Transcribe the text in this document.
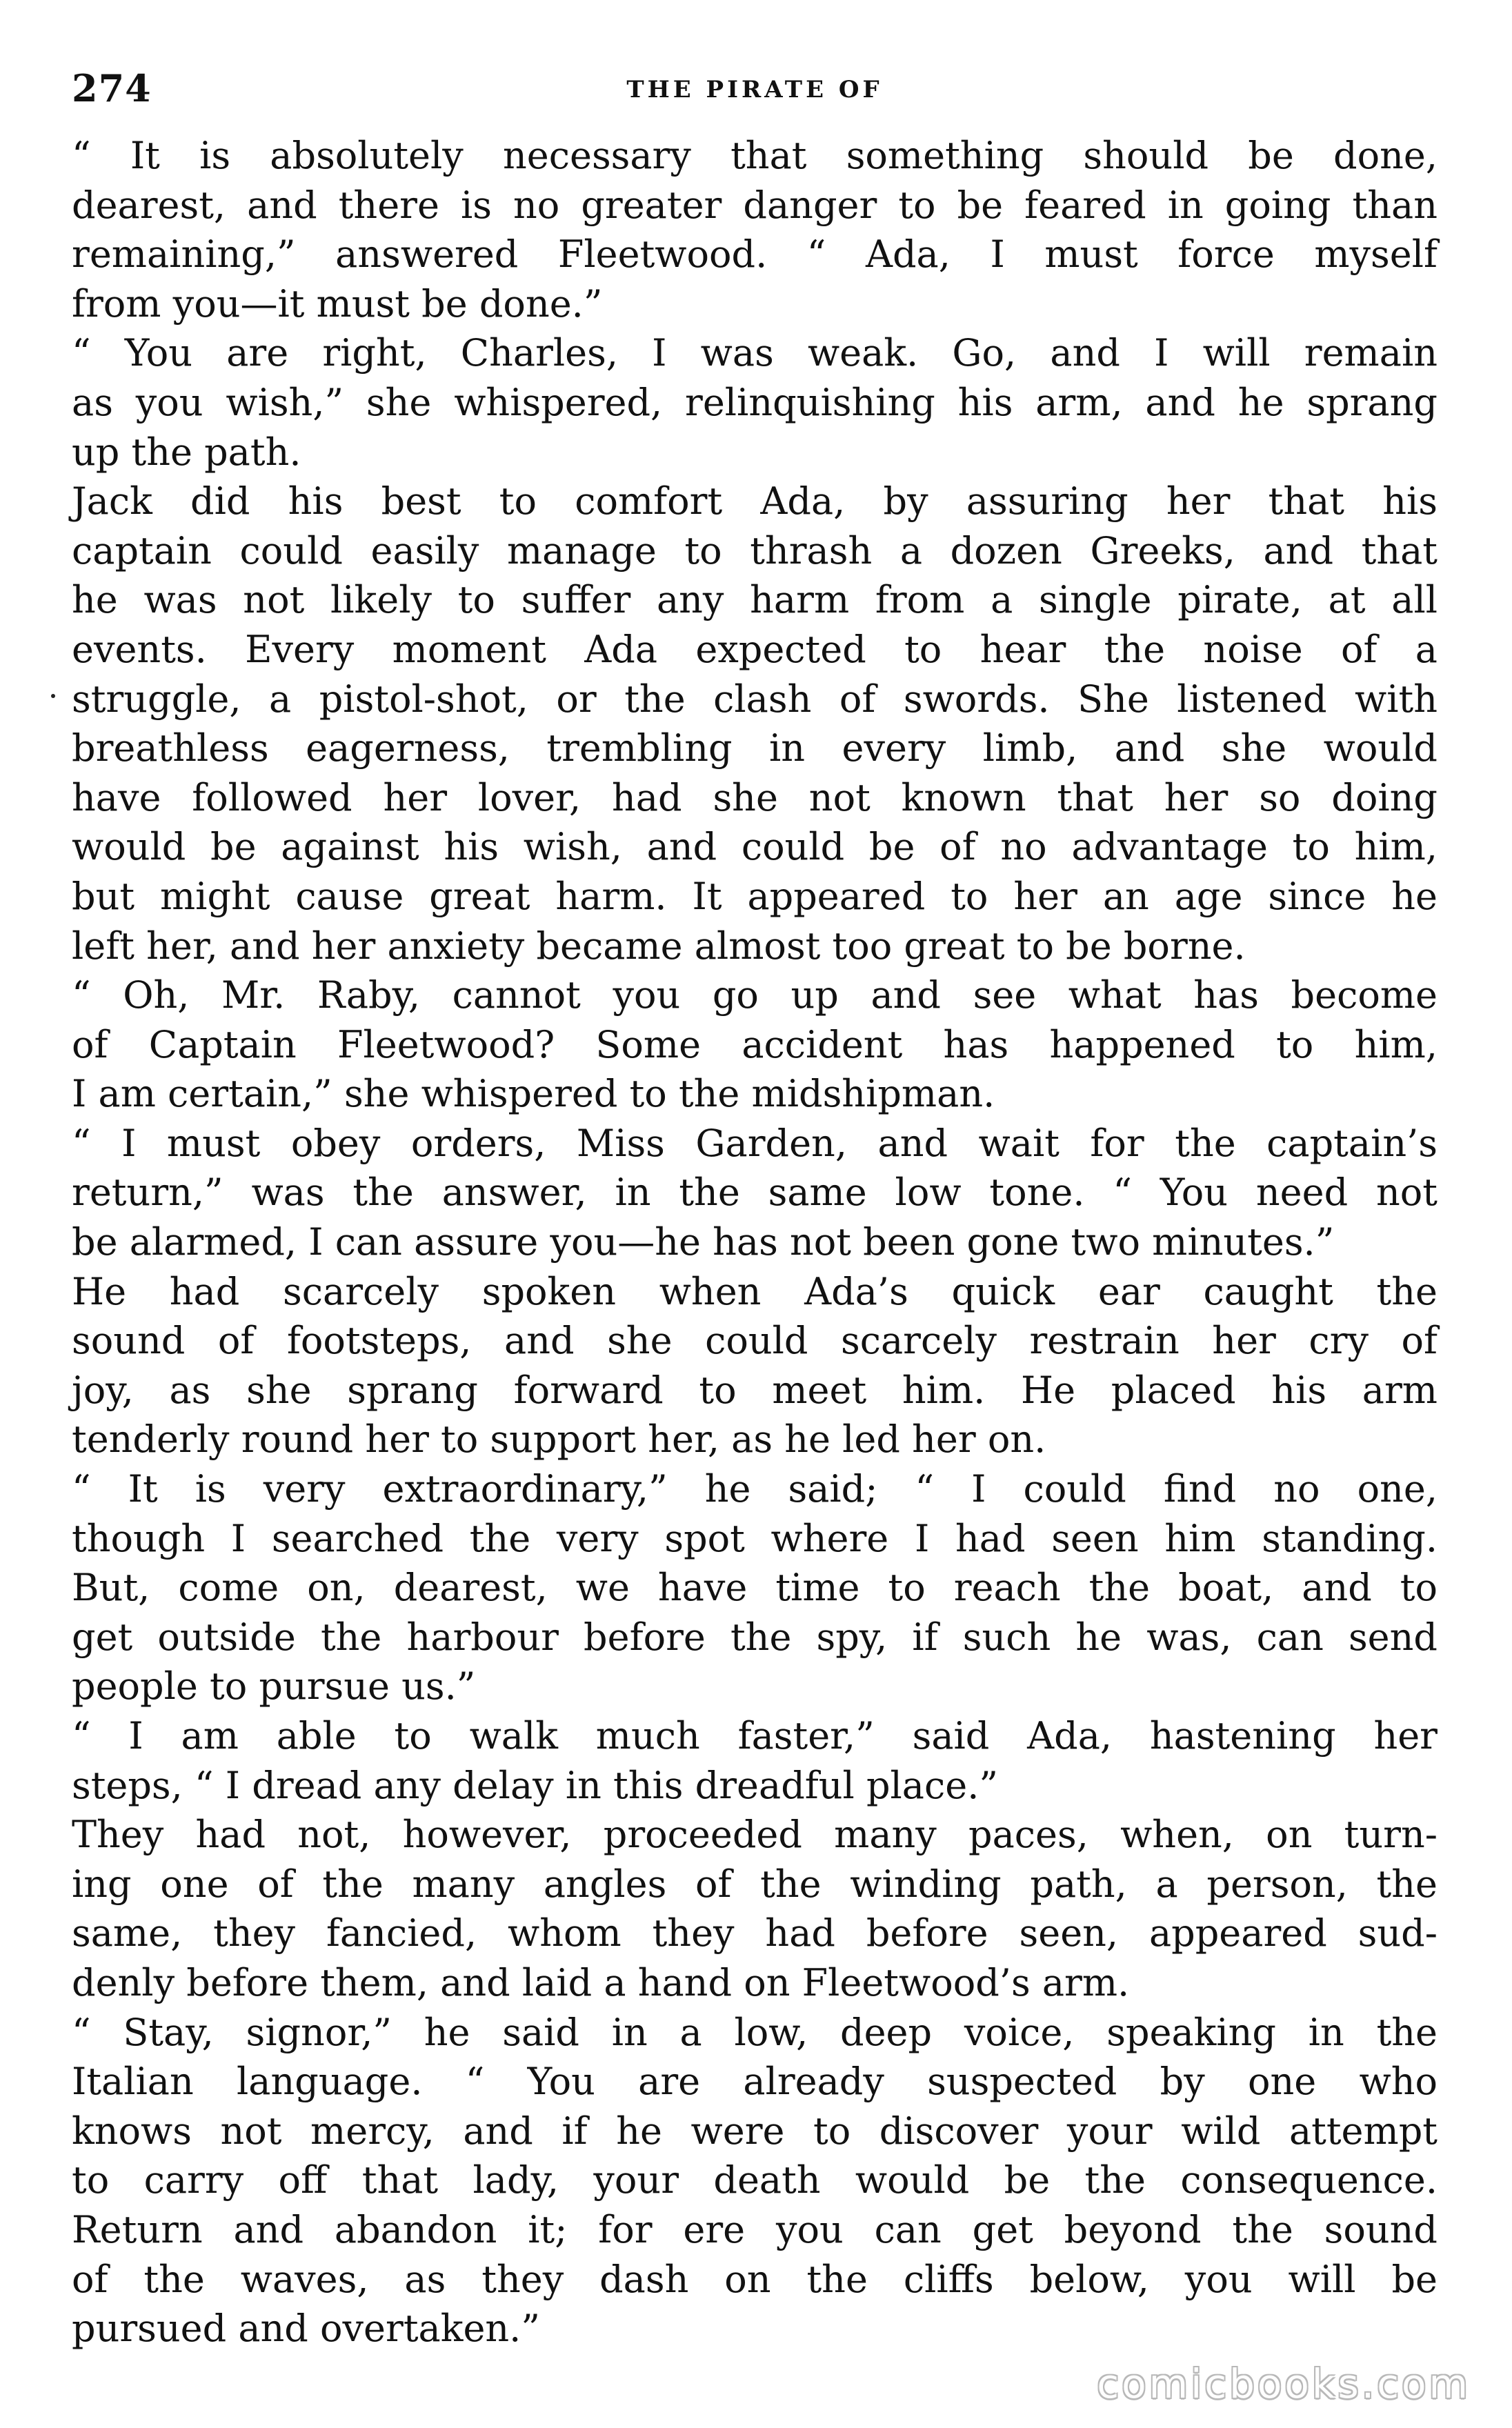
274	THE PIRATE OF
“ It is absolutely necessary that something should be done,
dearest, and there is no greater danger to be feared in going than
remaining,” answered Fleetwood. “ Ada, I must force myself
from you—it must be done.”
“ You are right, Charles, I was weak. Go, and I will remain
as you wish,” she whispered, relinquishing his arm, and he sprang
up the path.
Jack did his best to comfort Ada, by assuring her that his
captain could easily manage to thrash a dozen Greeks, and that
he was not likely to suffer any harm from a single pirate, at all
events. Every moment Ada expected to hear the noise of a
struggle, a pistol-shot, or the clash of swords. She listened with
breathless eagerness, trembling in every limb, and she would
have followed her lover, had she not known that her so doing
would be against his wish, and could be of no advantage to him,
but might cause great harm. It appeared to her an age since he
left her, and her anxiety became almost too great to be borne.
“ Oh, Mr. Raby, cannot you go up and see what has become
of Captain Fleetwood? Some accident has happened to him,
I am certain,” she whispered to the midshipman.
“ I must obey orders, Miss Garden, and wait for the captain’s
return,” was the answer, in the same low tone. “ You need not
be alarmed, I can assure you—he has not been gone two minutes.”
He had scarcely spoken when Ada’s quick ear caught the
sound of footsteps, and she could scarcely restrain her cry of
joy, as she sprang forward to meet him. He placed his arm
tenderly round her to support her, as he led her on.
“ It is very extraordinary,” he said; “ I could find no one,
though I searched the very spot where I had seen him standing.
But, come on, dearest, we have time to reach the boat, and to
get outside the harbour before the spy, if such he was, can send
people to pursue us.”
“ I am able to walk much faster,” said Ada, hastening her
steps, “ I dread any delay in this dreadful place.”
They had not, however, proceeded many paces, when, on turn-
ing one of the many angles of the winding path, a person, the
same, they fancied, whom they had before seen, appeared sud-
denly before them, and laid a hand on Fleetwood’s arm.
“ Stay, signor,” he said in a low, deep voice, speaking in the
Italian language. “ You are already suspected by one who
knows not mercy, and if he were to discover your wild attempt
to carry off that lady, your death would be the consequence.
Return and abandon it; for ere you can get beyond the sound
of the waves, as they dash on the cliffs below, you will be
pursued and overtaken.”
comicbooks.com
